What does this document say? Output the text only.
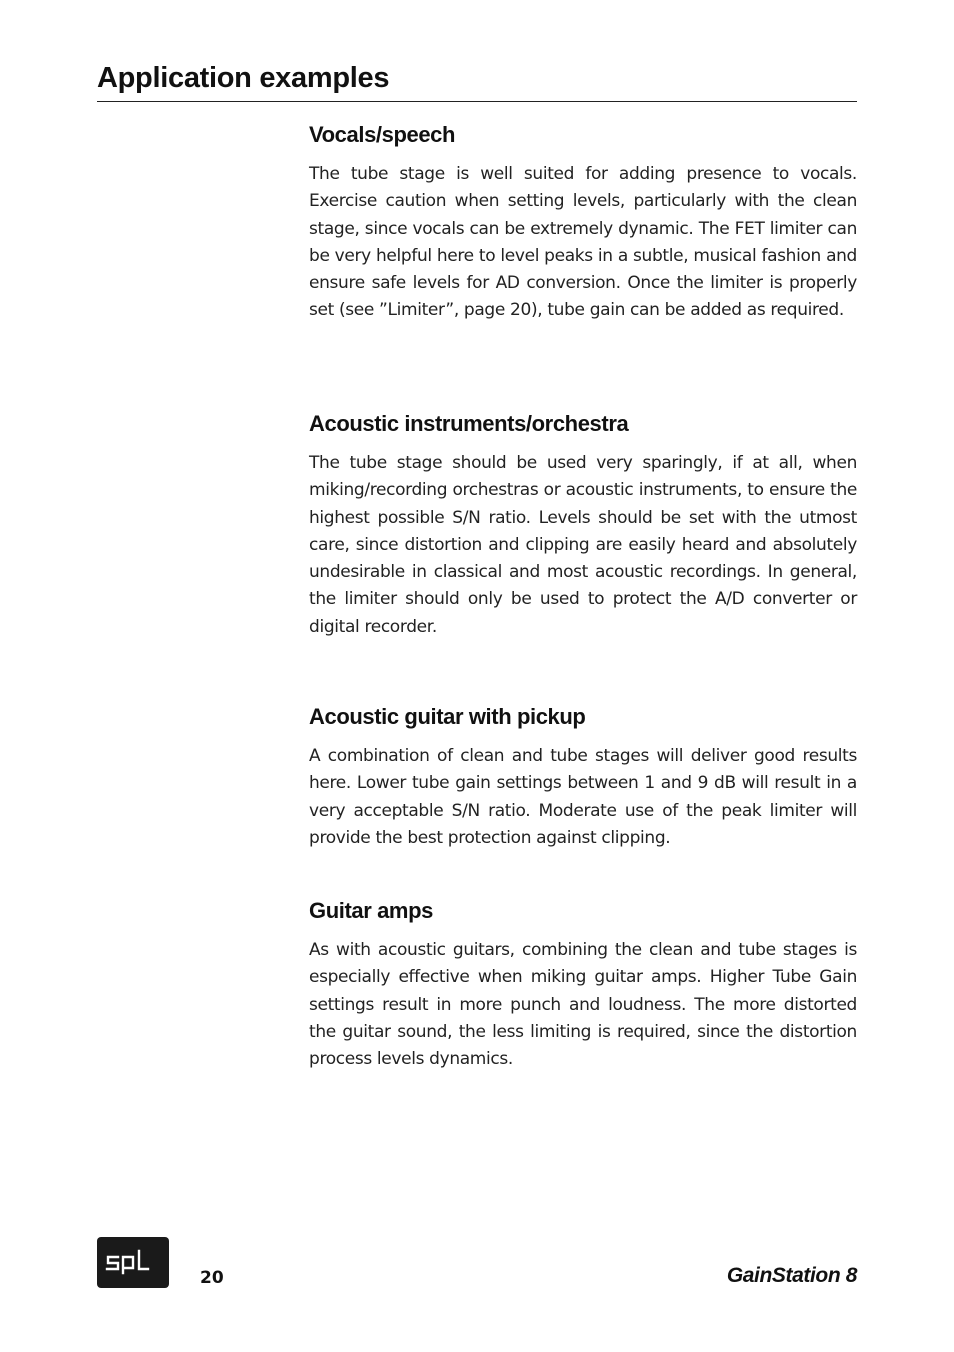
Application examples
Vocals/speech

The tube stage is well suited for adding presence to vocals. Exercise caution when setting levels, particularly with the clean stage, since vocals can be extremely dynamic. The FET limiter can be very helpful here to level peaks in a subtle, musical fashion and ensure safe levels for AD conversion. Once the limiter is properly set (see ”Limiter”, page 20), tube gain can be added as required.

Acoustic instruments/orchestra

The tube stage should be used very sparingly, if at all, when miking/recording orchestras or acoustic instruments, to ensure the highest possible S/N ratio. Levels should be set with the utmost care, since distortion and clipping are easily heard and absolutely undesirable in classical and most acoustic recordings. In general, the limiter should only be used to protect the A/D converter or digital recorder.

Acoustic guitar with pickup

A combination of clean and tube stages will deliver good results here. Lower tube gain settings between 1 and 9 dB will result in a very acceptable S/N ratio. Moderate use of the peak limiter will provide the best protection against clipping.

Guitar amps

As with acoustic guitars, combining the clean and tube stages is especially effective when miking guitar amps. Higher Tube Gain settings result in more punch and loudness. The more distorted the guitar sound, the less limiting is required, since the distortion process levels dynamics.

20	GainStation 8
